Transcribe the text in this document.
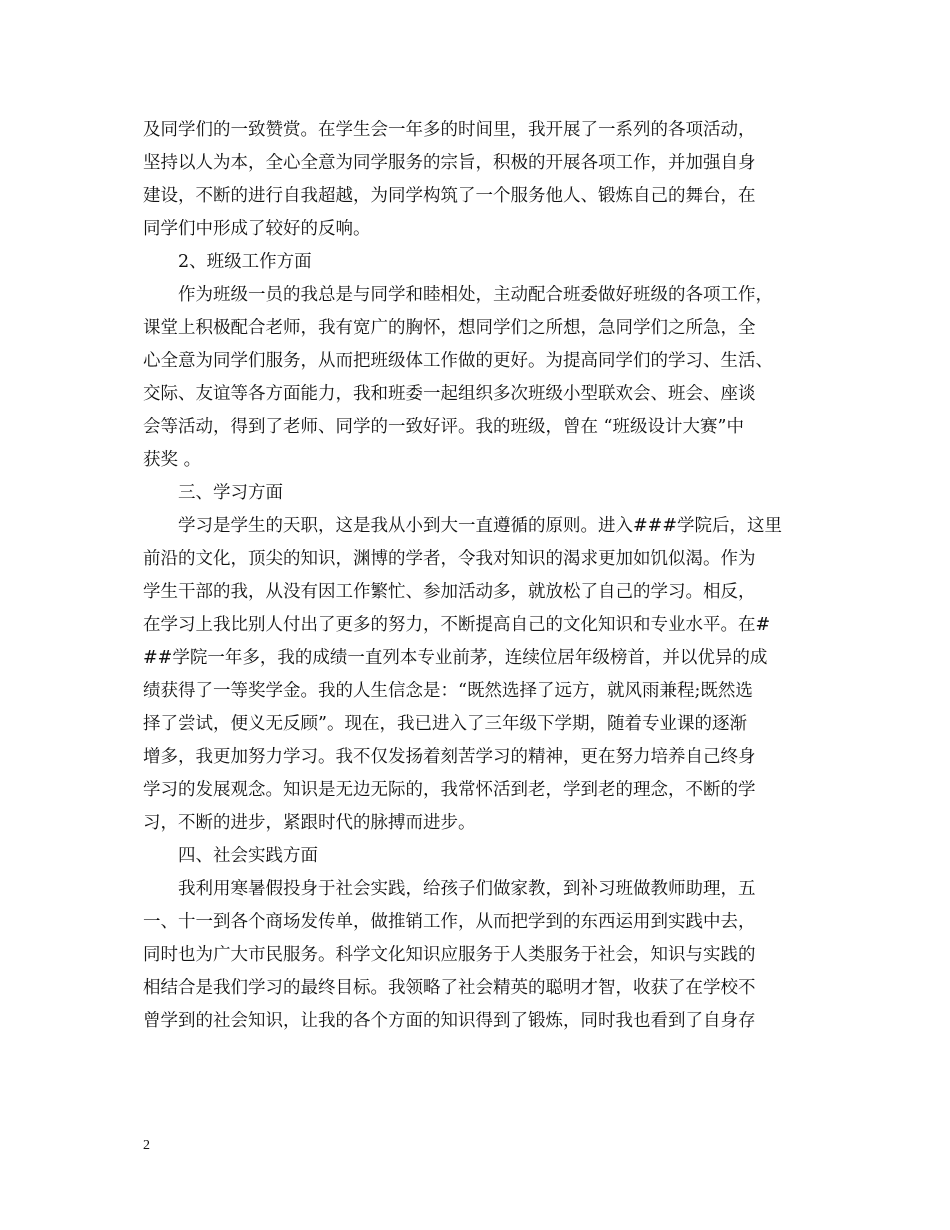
及同学们的一致赞赏。在学生会一年多的时间里，我开展了一系列的各项活动，
坚持以人为本，全心全意为同学服务的宗旨，积极的开展各项工作，并加强自身
建设，不断的进行自我超越，为同学构筑了一个服务他人、锻炼自己的舞台，在
同学们中形成了较好的反响。
2、班级工作方面
作为班级一员的我总是与同学和睦相处，主动配合班委做好班级的各项工作，
课堂上积极配合老师，我有宽广的胸怀，想同学们之所想，急同学们之所急，全
心全意为同学们服务，从而把班级体工作做的更好。为提高同学们的学习、生活、
交际、友谊等各方面能力，我和班委一起组织多次班级小型联欢会、班会、座谈
会等活动，得到了老师、同学的一致好评。我的班级，曾在 “班级设计大赛”中
获奖 。
三、学习方面
学习是学生的天职，这是我从小到大一直遵循的原则。进入###学院后，这里
前沿的文化，顶尖的知识，渊博的学者，令我对知识的渴求更加如饥似渴。作为
学生干部的我，从没有因工作繁忙、参加活动多，就放松了自己的学习。相反，
在学习上我比别人付出了更多的努力，不断提高自己的文化知识和专业水平。在#
##学院一年多，我的成绩一直列本专业前茅，连续位居年级榜首，并以优异的成
绩获得了一等奖学金。我的人生信念是：“既然选择了远方，就风雨兼程;既然选
择了尝试，便义无反顾”。现在，我已进入了三年级下学期，随着专业课的逐渐
增多，我更加努力学习。我不仅发扬着刻苦学习的精神，更在努力培养自己终身
学习的发展观念。知识是无边无际的，我常怀活到老，学到老的理念，不断的学
习，不断的进步，紧跟时代的脉搏而进步。
四、社会实践方面
我利用寒暑假投身于社会实践，给孩子们做家教，到补习班做教师助理，五
一、十一到各个商场发传单，做推销工作，从而把学到的东西运用到实践中去，
同时也为广大市民服务。科学文化知识应服务于人类服务于社会，知识与实践的
相结合是我们学习的最终目标。我领略了社会精英的聪明才智，收获了在学校不
曾学到的社会知识，让我的各个方面的知识得到了锻炼，同时我也看到了自身存
2
